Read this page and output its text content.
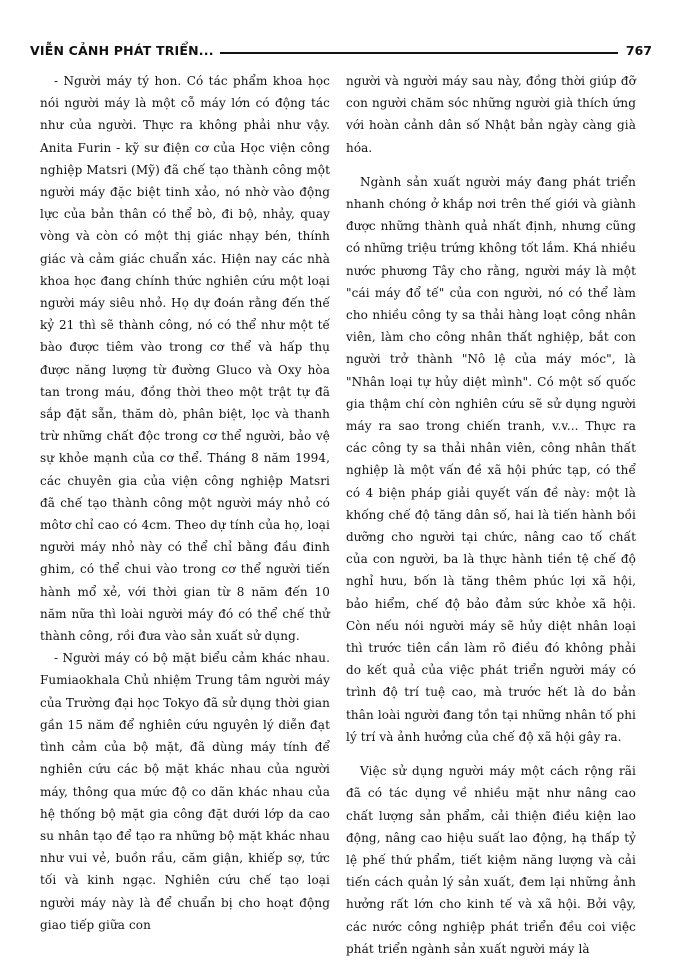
VIỄN CẢNH PHÁT TRIỂN...	767

- Người máy tý hon. Có tác phẩm khoa học nói người máy là một cỗ máy lớn có động tác như của người. Thực ra không phải như vậy. Anita Furin - kỹ sư điện cơ của Học viện công nghiệp Matsri (Mỹ) đã chế tạo thành công một người máy đặc biệt tinh xảo, nó nhờ vào động lực của bản thân có thể bò, đi bộ, nhảy, quay vòng và còn có một thị giác nhạy bén, thính giác và cảm giác chuẩn xác. Hiện nay các nhà khoa học đang chính thức nghiên cứu một loại người máy siêu nhỏ. Họ dự đoán rằng đến thế kỷ 21 thì sẽ thành công, nó có thể như một tế bào được tiêm vào trong cơ thể và hấp thụ được năng lượng từ đường Gluco và Oxy hòa tan trong máu, đồng thời theo một trật tự đã sắp đặt sẵn, thăm dò, phân biệt, lọc và thanh trừ những chất độc trong cơ thể người, bảo vệ sự khỏe mạnh của cơ thể. Tháng 8 năm 1994, các chuyên gia của viện công nghiệp Matsri đã chế tạo thành công một người máy nhỏ có môtơ chỉ cao có 4cm. Theo dự tính của họ, loại người máy nhỏ này có thể chỉ bằng đầu đinh ghim, có thể chui vào trong cơ thể người tiến hành mổ xẻ, với thời gian từ 8 năm đến 10 năm nữa thì loài người máy đó có thể chế thử thành công, rồi đưa vào sản xuất sử dụng.

- Người máy có bộ mặt biểu cảm khác nhau. Fumiaokhala Chủ nhiệm Trung tâm người máy của Trường đại học Tokyo đã sử dụng thời gian gần 15 năm để nghiên cứu nguyên lý diễn đạt tình cảm của bộ mặt, đã dùng máy tính để nghiên cứu các bộ mặt khác nhau của người máy, thông qua mức độ co dãn khác nhau của hệ thống bộ mặt gia công đặt dưới lớp da cao su nhân tạo để tạo ra những bộ mặt khác nhau như vui vẻ, buồn rầu, căm giận, khiếp sợ, tức tối và kinh ngạc. Nghiên cứu chế tạo loại người máy này là để chuẩn bị cho hoạt động giao tiếp giữa con

người và người máy sau này, đồng thời giúp đỡ con người chăm sóc những người già thích ứng với hoàn cảnh dân số Nhật bản ngày càng già hóa.

Ngành sản xuất người máy đang phát triển nhanh chóng ở khắp nơi trên thế giới và giành được những thành quả nhất định, nhưng cũng có những triệu trứng không tốt lắm. Khá nhiều nước phương Tây cho rằng, người máy là một "cái máy đổ tế" của con người, nó có thể làm cho nhiều công ty sa thải hàng loạt công nhân viên, làm cho công nhân thất nghiệp, bắt con người trở thành "Nô lệ của máy móc", là "Nhân loại tự hủy diệt mình". Có một số quốc gia thậm chí còn nghiên cứu sẽ sử dụng người máy ra sao trong chiến tranh, v.v... Thực ra các công ty sa thải nhân viên, công nhân thất nghiệp là một vấn đề xã hội phức tạp, có thể có 4 biện pháp giải quyết vấn đề này: một là khống chế độ tăng dân số, hai là tiến hành bồi dưỡng cho người tại chức, nâng cao tố chất của con người, ba là thực hành tiền tệ chế độ nghỉ hưu, bốn là tăng thêm phúc lợi xã hội, bảo hiểm, chế độ bảo đảm sức khỏe xã hội. Còn nếu nói người máy sẽ hủy diệt nhân loại thì trước tiên cần làm rõ điều đó không phải do kết quả của việc phát triển người máy có trình độ trí tuệ cao, mà trước hết là do bản thân loài người đang tồn tại những nhân tố phi lý trí và ảnh hưởng của chế độ xã hội gây ra.

Việc sử dụng người máy một cách rộng rãi đã có tác dụng về nhiều mặt như nâng cao chất lượng sản phẩm, cải thiện điều kiện lao động, nâng cao hiệu suất lao động, hạ thấp tỷ lệ phế thứ phẩm, tiết kiệm năng lượng và cải tiến cách quản lý sản xuất, đem lại những ảnh hưởng rất lớn cho kinh tế và xã hội. Bởi vậy, các nước công nghiệp phát triển đều coi việc phát triển ngành sản xuất người máy là
